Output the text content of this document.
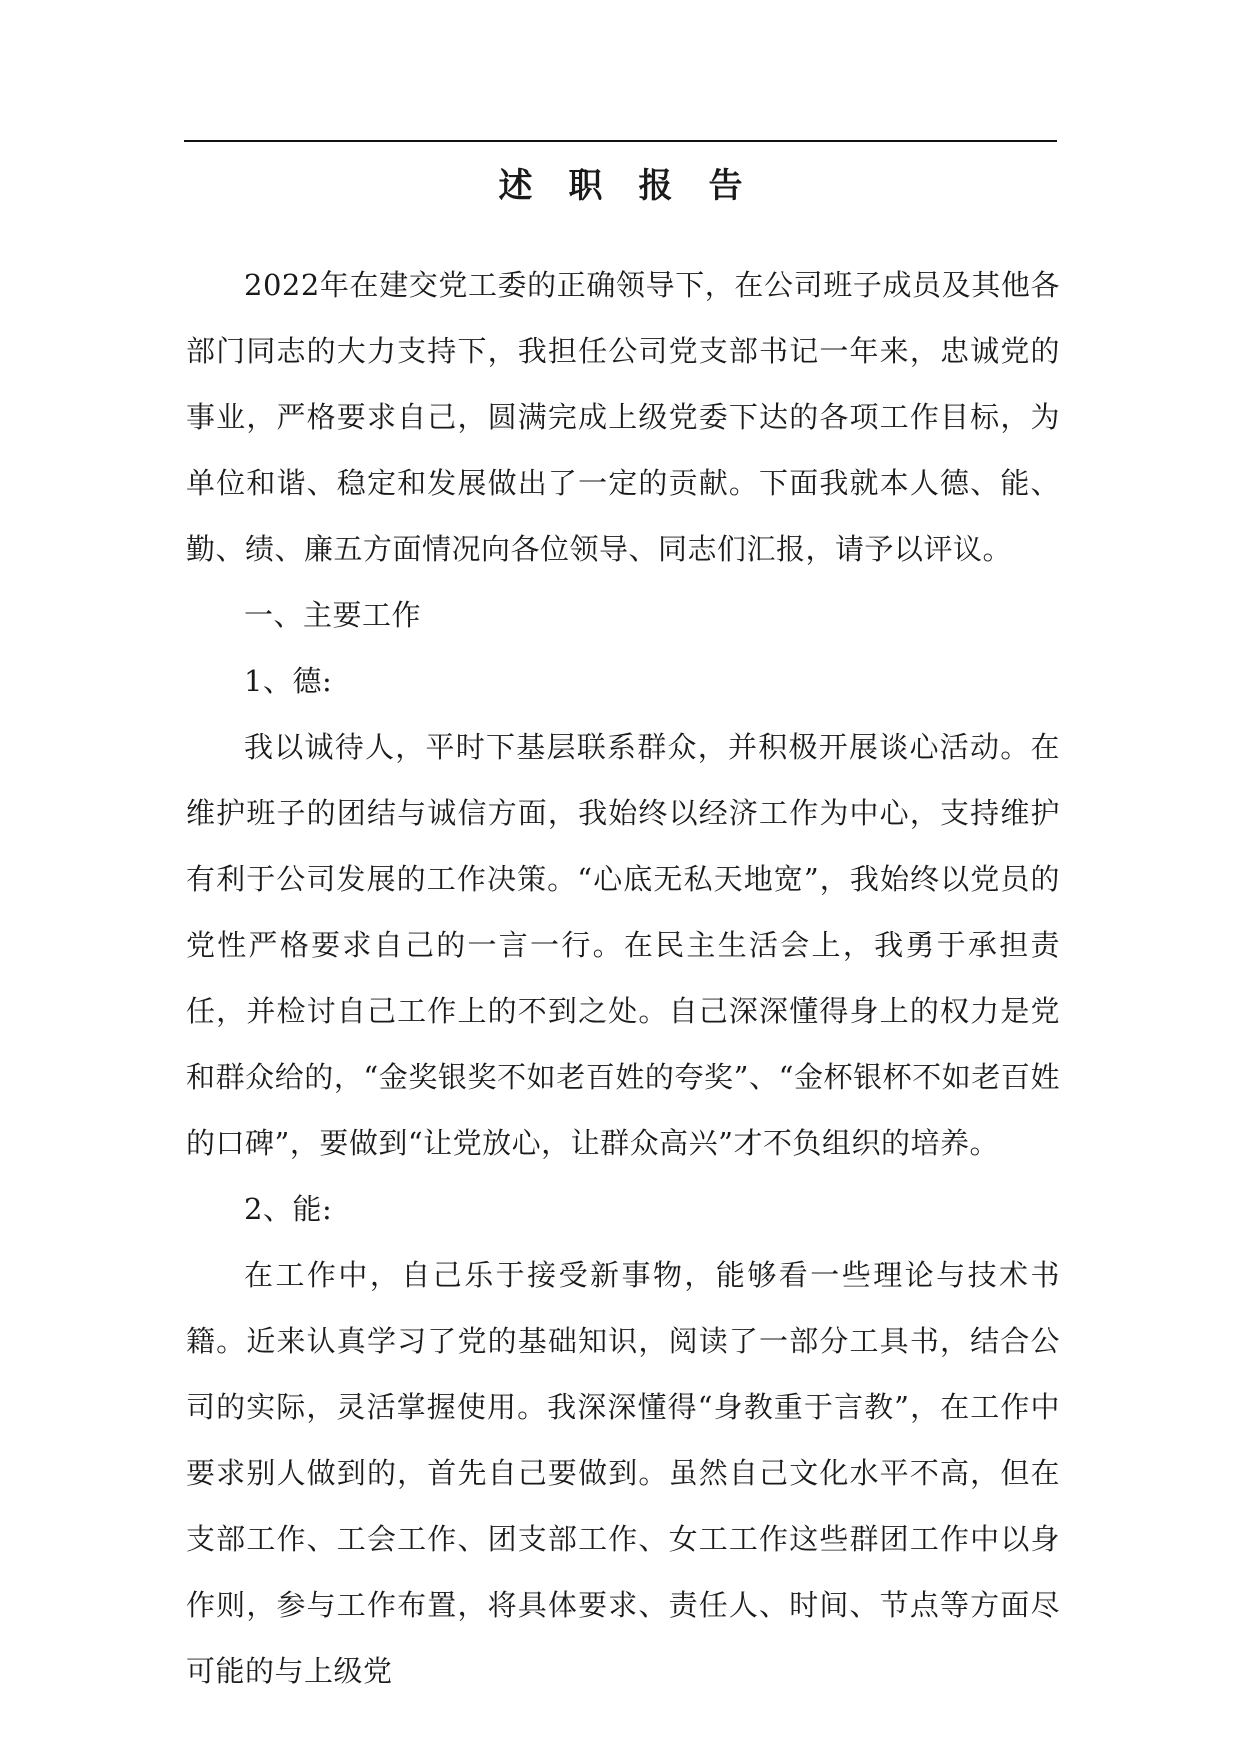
述职报告

2022年在建交党工委的正确领导下，在公司班子成员及其他各部门同志的大力支持下，我担任公司党支部书记一年来，忠诚党的事业，严格要求自己，圆满完成上级党委下达的各项工作目标，为单位和谐、稳定和发展做出了一定的贡献。下面我就本人德、能、勤、绩、廉五方面情况向各位领导、同志们汇报，请予以评议。

一、主要工作

1、德:

我以诚待人，平时下基层联系群众，并积极开展谈心活动。在维护班子的团结与诚信方面，我始终以经济工作为中心，支持维护有利于公司发展的工作决策。“心底无私天地宽”，我始终以党员的党性严格要求自己的一言一行。在民主生活会上，我勇于承担责任，并检讨自己工作上的不到之处。自己深深懂得身上的权力是党和群众给的，“金奖银奖不如老百姓的夸奖”、“金杯银杯不如老百姓的口碑”，要做到“让党放心，让群众高兴”才不负组织的培养。

2、能:

在工作中，自己乐于接受新事物，能够看一些理论与技术书籍。近来认真学习了党的基础知识，阅读了一部分工具书，结合公司的实际，灵活掌握使用。我深深懂得“身教重于言教”，在工作中要求别人做到的，首先自己要做到。虽然自己文化水平不高，但在支部工作、工会工作、团支部工作、女工工作这些群团工作中以身作则，参与工作布置，将具体要求、责任人、时间、节点等方面尽可能的与上级党
